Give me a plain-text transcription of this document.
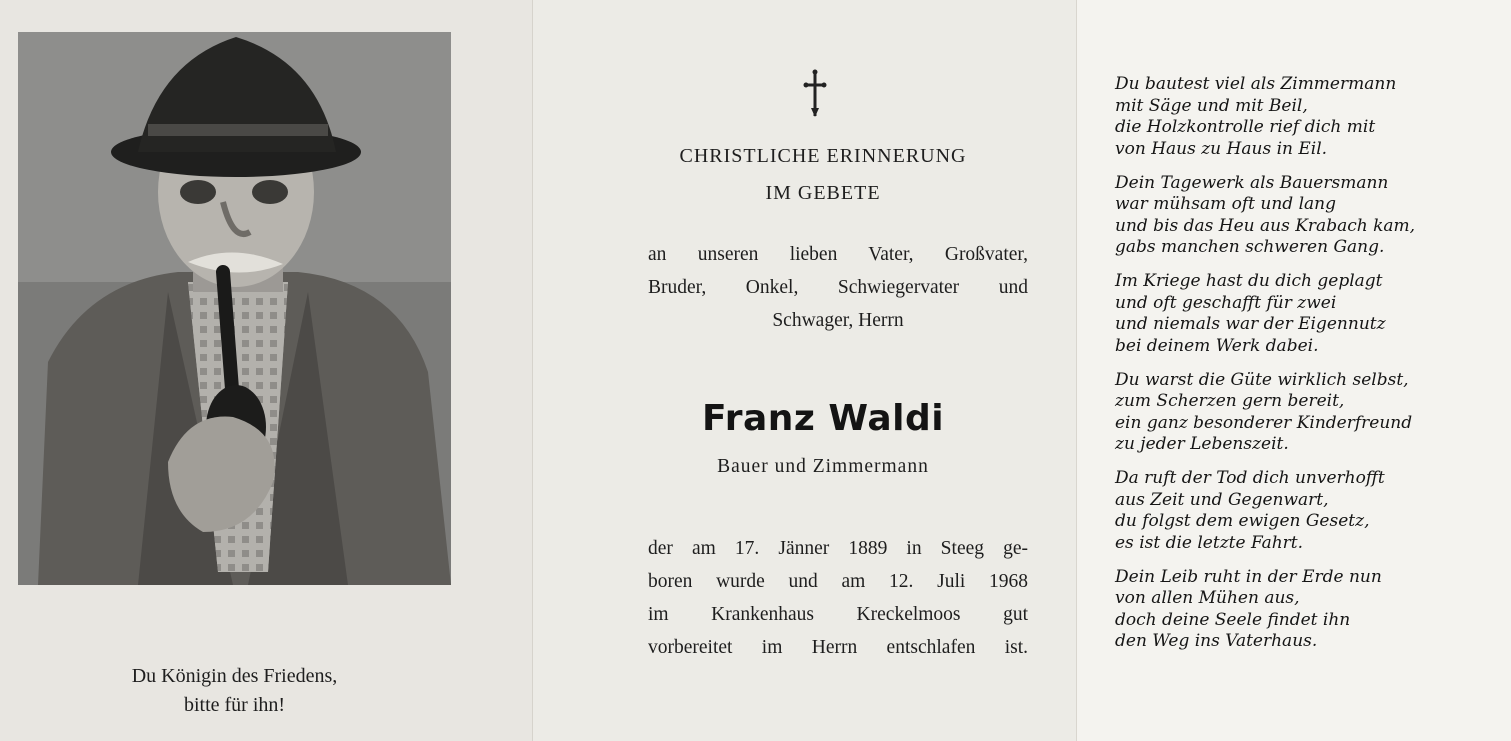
Du Königin des Friedens,
bitte für ihn!
CHRISTLICHE ERINNERUNG
IM GEBETE
an unseren lieben Vater, Großvater,
Bruder, Onkel, Schwiegervater und
Schwager, Herrn
Franz Waldi
Bauer und Zimmermann
der am 17. Jänner 1889 in Steeg ge-
boren wurde und am 12. Juli 1968
im Krankenhaus Kreckelmoos gut
vorbereitet im Herrn entschlafen ist.
Du bautest viel als Zimmermann
mit Säge und mit Beil,
die Holzkontrolle rief dich mit
von Haus zu Haus in Eil.
Dein Tagewerk als Bauersmann
war mühsam oft und lang
und bis das Heu aus Krabach kam,
gabs manchen schweren Gang.
Im Kriege hast du dich geplagt
und oft geschafft für zwei
und niemals war der Eigennutz
bei deinem Werk dabei.
Du warst die Güte wirklich selbst,
zum Scherzen gern bereit,
ein ganz besonderer Kinderfreund
zu jeder Lebenszeit.
Da ruft der Tod dich unverhofft
aus Zeit und Gegenwart,
du folgst dem ewigen Gesetz,
es ist die letzte Fahrt.
Dein Leib ruht in der Erde nun
von allen Mühen aus,
doch deine Seele findet ihn
den Weg ins Vaterhaus.
